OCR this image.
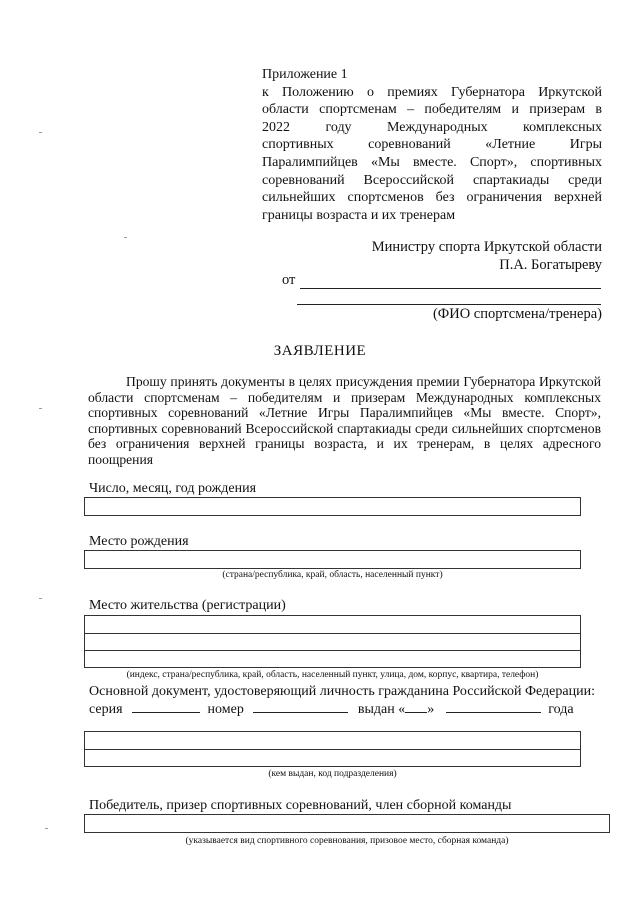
Приложение 1
к Положению о премиях Губернатора Иркутской
области спортсменам – победителям и призерам в
2022 году Международных комплексных
спортивных соревнований «Летние Игры
Паралимпийцев «Мы вместе. Спорт», спортивных
соревнований Всероссийской спартакиады среди
сильнейших спортсменов без ограничения верхней
границы возраста и их тренерам
Министру спорта Иркутской области
П.А. Богатыреву
от
(ФИО спортсмена/тренера)
ЗАЯВЛЕНИЕ

Прошу принять документы в целях присуждения премии Губернатора Иркутской области спортсменам – победителям и призерам Международных комплексных спортивных соревнований «Летние Игры Паралимпийцев «Мы вместе. Спорт», спортивных соревнований Всероссийской спартакиады среди сильнейших спортсменов без ограничения верхней границы возраста, и их тренерам, в целях адресного поощрения

Число, месяц, год рождения
Место рождения
(страна/республика, край, область, населенный пункт)
Место жительства (регистрации)
(индекс, страна/республика, край, область, населенный пункт, улица, дом, корпус, квартира, телефон)
Основной документ, удостоверяющий личность гражданина Российской Федерации:
серия	номер	выдан « »	года
(кем выдан, код подразделения)
Победитель, призер спортивных соревнований, член сборной команды
(указывается вид спортивного соревнования, призовое место, сборная команда)
